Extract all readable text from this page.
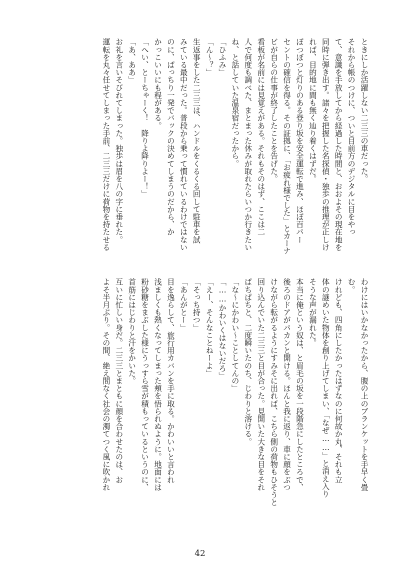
ときにしか活躍しない二三三の車だった。

それから帳のつけに、ついと目前方のデジタルに目をやっ

て、意識を手放してから経過した時間と、おおよその現在地を

同時に弾き出す。諸々を把握した名探偵・独歩の推理が正しけ

れば、目的地に間も無く辿り着くはずだ。

ぼつぼつと灯りのある登り坂を安全運転で進み、ほぼ百パー

セントの確信を得る。その証拠に、「お疲れ様でした」とカーナ

ビが自らの仕事が終了したことを告げた。

看板が名前には見覚えがある。それもそのはず、ここは二

人で何度も調べた、まとまった休みが取れたらいつか行きたい

ね、と話していた温泉宿だったから。

「ひふみ」

「ん～？」

生返事をした二三三は、ハンドルをくるくる回して駐車を試

みている最中だった。普段から乗って慣れているわけではない

のに、ぱっちり一発でバックの決めてしまうのだから、か

かっこいいにも程がある。

「へい、とーちゃーく！　降りよ降りよー！」

「あ、ああ」

お礼を言いそびれてしまった。独歩は眉を八の字に垂れた。

運転を丸々任せてしまった手前、二三三だけに荷物を持たせる

わけにはいかなかったから、腹の上のブランケットを手早く畳

む。

けれども、四角にしたかったはずなのに何故か丸、それも立

体の謎めいた物体を創り上げてしまい、「なぜ……」と消え入り

そうな声が漏れた。

本当に俺という奴は、と眉毛の坂を一段階急にしたところで、

後ろのドアがパカンと開ける。ほんと我に返り、車に顔をぶつ

けながら転がるようにすみそに出れば、こちら側の荷物もひそうと

回り込んでいた二三三と目が合った。見開いた大きな目をそれ

ぱちぱちと、二度瞬いたのち、じわりと溶ける。

「な～にかわい～ことしてんの」

「……かわいくはないだろ」

「えー、そんなことねーよ」

「そっち持つ」

「あんがとー」

目を逸らして、旅行用カバンを手に取る。かわいいと言われ

浅ましくも熱くなってしまった頬を悟られぬように。地面には

粉砂糖をまぶした様にうっすら雪が積もっているというのに、

首筋にはじわりと汗をかいた。

互いに忙しい身だ。二三三とまともに顔を合わせたのは、お

よそ半月ぶり。その間、絶え間なく社会の濁てつく風に吹かれ

42
